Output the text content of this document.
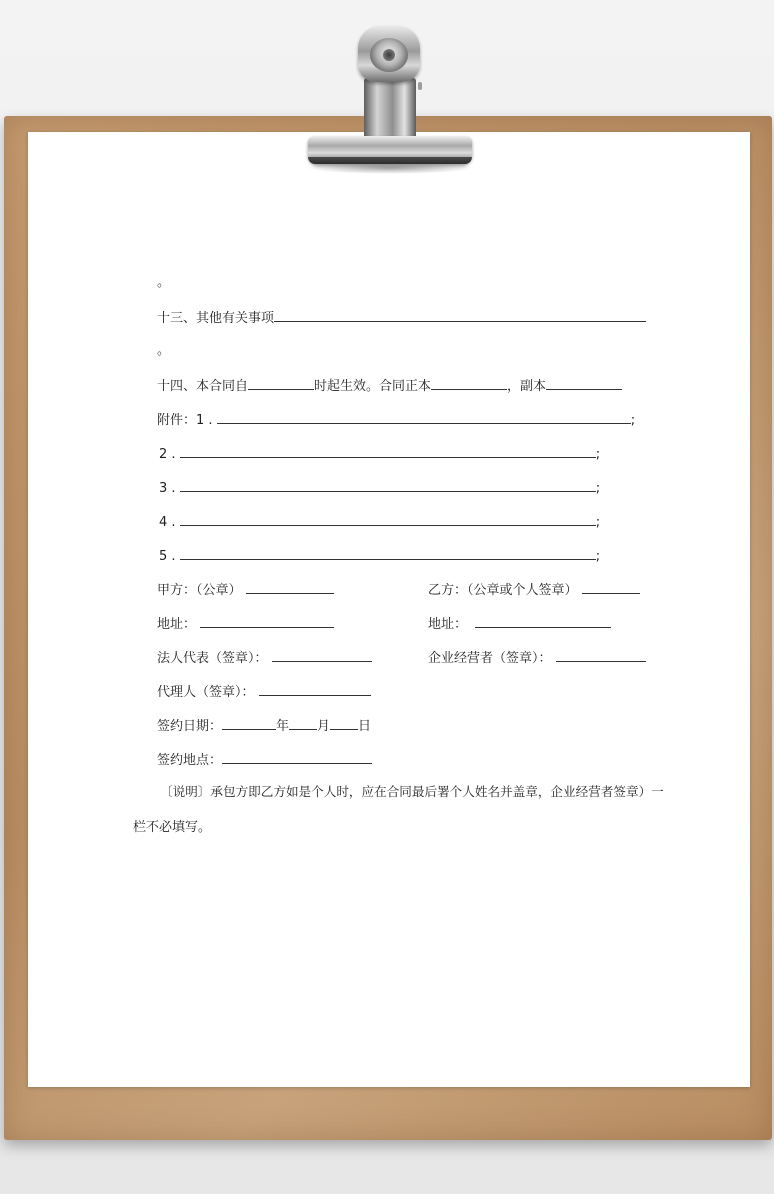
。
十三、其他有关事项
。
十四、本合同自	时起生效。合同正本	，副本
附件：1 .	;
2 .	;
3 .	;
4 .	;
5 .	;
甲方：（公章）	乙方：（公章或个人签章）
地址：	地址：
法人代表（签章）：	企业经营者（签章）：
代理人（签章）：
签约日期：	年 月 日
签约地点：
〔说明〕承包方即乙方如是个人时，应在合同最后署个人姓名并盖章，企业经营者签章）一
栏不必填写。
